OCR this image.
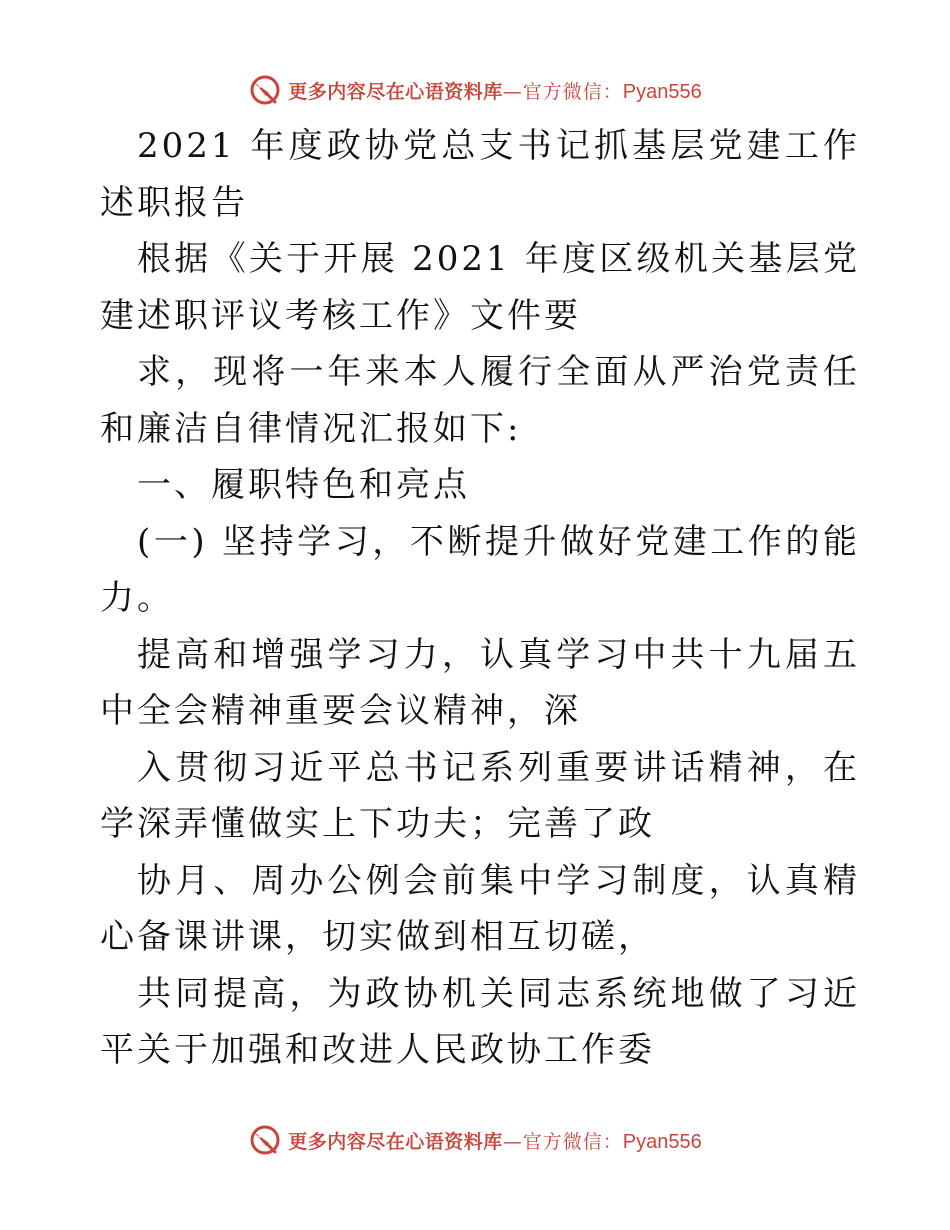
更多内容尽在心语资料库 — 官方微信： Pyan556

2021 年度政协党总支书记抓基层党建工作述职报告

根据《关于开展 2021 年度区级机关基层党建述职评议考核工作》文件要

求，现将一年来本人履行全面从严治党责任和廉洁自律情况汇报如下:

一、履职特色和亮点

(一) 坚持学习，不断提升做好党建工作的能力。

提高和增强学习力，认真学习中共十九届五中全会精神重要会议精神，深

入贯彻习近平总书记系列重要讲话精神，在学深弄懂做实上下功夫；完善了政

协月、周办公例会前集中学习制度，认真精心备课讲课，切实做到相互切磋，

共同提高，为政协机关同志系统地做了习近平关于加强和改进人民政协工作委

更多内容尽在心语资料库 — 官方微信： Pyan556
